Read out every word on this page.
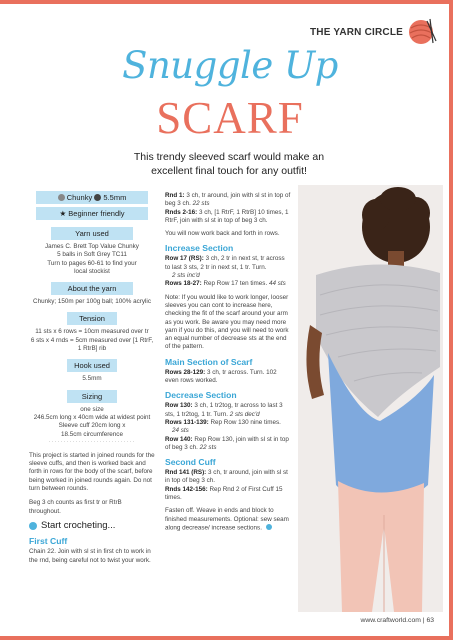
THE YARN CIRCLE
Snuggle Up
SCARF
This trendy sleeved scarf would make an excellent final touch for any outfit!
Chunky 5.5mm
★ Beginner friendly
Yarn used
James C. Brett Top Value Chunky
5 balls in Soft Grey TC11
Turn to pages 60-61 to find your
local stockist
About the yarn
Chunky; 150m per 100g ball; 100% acrylic
Tension
11 sts x 6 rows = 10cm measured over tr
6 sts x 4 rnds = 5cm measured over [1 RtrF,
1 RtrB] rib
Hook used
5.5mm
Sizing
one size
246.5cm long x 40cm wide at widest point
Sleeve cuff 20cm long x
18.5cm circumference
·····························

This project is started in joined rounds for the sleeve cuffs, and then is worked back and forth in rows for the body of the scarf, before being worked in joined rounds again. Do not turn between rounds.

Beg 3 ch counts as first tr or RtrB throughout.

Start crocheting...
First Cuff
Chain 22. Join with sl st in first ch to work in the rnd, being careful not to twist your work.

Rnd 1: 3 ch, tr around, join with sl st in top of beg 3 ch. 22 sts
Rnds 2-16: 3 ch, [1 RtrF, 1 RtrB] 10 times, 1 RtrF, join with sl st in top of beg 3 ch.

You will now work back and forth in rows.

Increase Section

Row 17 (RS): 3 ch, 2 tr in next st, tr across to last 3 sts, 2 tr in next st, 1 tr. Turn.
2 sts inc'd
Rows 18-27: Rep Row 17 ten times. 44 sts

Note: If you would like to work longer, looser sleeves you can cont to increase here, checking the fit of the scarf around your arm as you work. Be aware you may need more yarn if you do this, and you will need to work an equal number of decrease sts at the end of the pattern.

Main Section of Scarf

Rows 28-129: 3 ch, tr across. Turn. 102 even rows worked.

Decrease Section

Row 130: 3 ch, 1 tr2tog, tr across to last 3 sts, 1 tr2tog, 1 tr. Turn. 2 sts dec'd
Rows 131-139: Rep Row 130 nine times.
24 sts
Row 140: Rep Row 130, join with sl st in top of beg 3 ch. 22 sts

Second Cuff

Rnd 141 (RS): 3 ch, tr around, join with sl st in top of beg 3 ch.
Rnds 142-156: Rep Rnd 2 of First Cuff 15 times.

Fasten off. Weave in ends and block to finished measurements. Optional: sew seam along decrease/ increase sections.

www.craftworld.com | 63
